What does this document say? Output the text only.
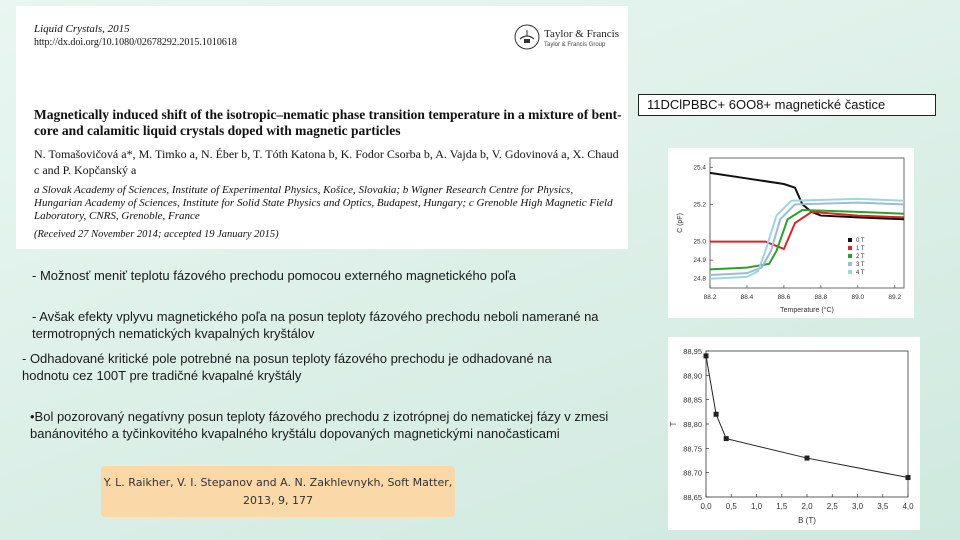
Liquid Crystals, 2015
http://dx.doi.org/10.1080/02678292.2015.1010618
Taylor & Francis
Taylor & Francis Group
Magnetically induced shift of the isotropic–nematic phase transition temperature in a mixture of bent-core and calamitic liquid crystals doped with magnetic particles
N. Tomašovičová a*, M. Timko a, N. Éber b, T. Tóth Katona b, K. Fodor Csorba b, A. Vajda b, V. Gdovinová a, X. Chaud c and P. Kopčanský a
a Slovak Academy of Sciences, Institute of Experimental Physics, Košice, Slovakia; b Wigner Research Centre for Physics, Hungarian Academy of Sciences, Institute for Solid State Physics and Optics, Budapest, Hungary; c Grenoble High Magnetic Field Laboratory, CNRS, Grenoble, France
(Received 27 November 2014; accepted 19 January 2015)
- Možnosť meniť teplotu fázového prechodu pomocou externého magnetického poľa
- Avšak efekty vplyvu magnetického poľa na posun teploty fázového prechodu neboli namerané na termotropných nematických kvapalných kryštálov
- Odhadované kritické pole potrebné na posun teploty fázového prechodu je odhadované na hodnotu cez 100T pre tradičné kvapalné kryštály
•Bol pozorovaný negatívny posun teploty fázového prechodu z izotrópnej do nematickej fázy v zmesi banánovitého a tyčinkovitého kvapalného kryštálu dopovaných magnetickými nanočasticami
Y. L. Raikher, V. I. Stepanov and A. N. Zakhlevnykh, Soft Matter, 2013, 9, 177
11DClPBBC+ 6OO8+ magnetické častice
88.2	88.4	88.6	88.8	89.0	89.2
24.8
24.9
25.0
25.2
25.4
Temperature (°C)
C (pF)
0 T
1 T
2 T
3 T
4 T
0,0 0,5 1,0 1,5 2,0 2,5 3,0 3,5 4,0
88,65
88,70
88,75
88,80
88,85
88,90
88,95
B (T)
T
